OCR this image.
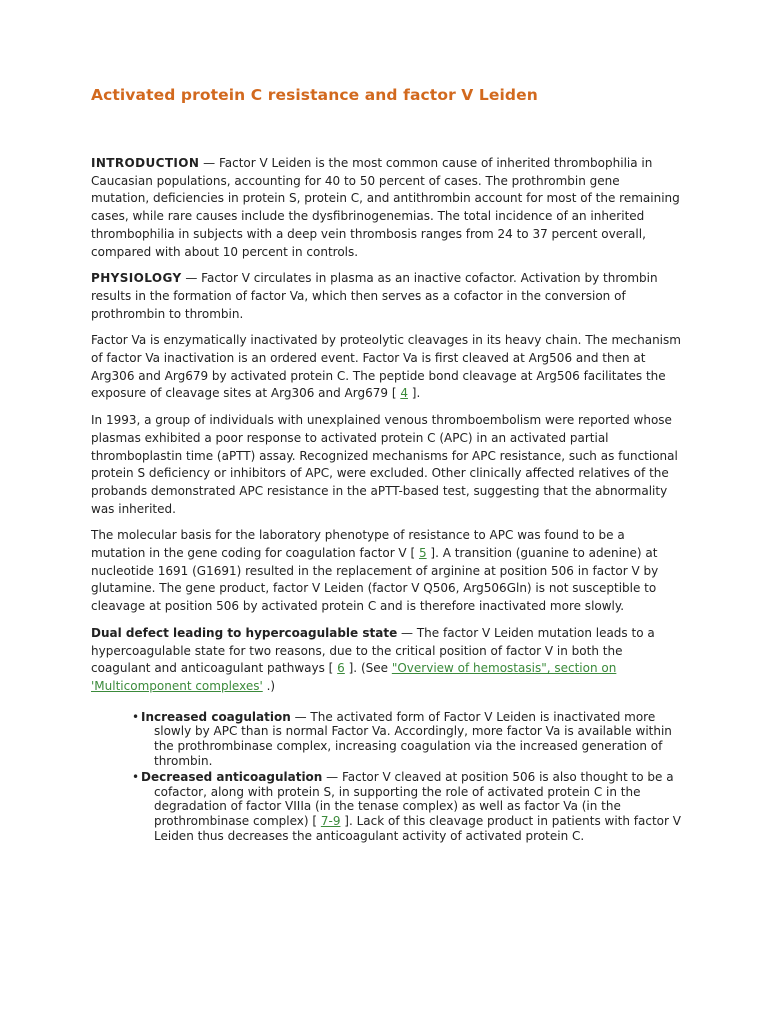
Activated protein C resistance and factor V Leiden

INTRODUCTION — Factor V Leiden is the most common cause of inherited thrombophilia in Caucasian populations, accounting for 40 to 50 percent of cases. The prothrombin gene mutation, deficiencies in protein S, protein C, and antithrombin account for most of the remaining cases, while rare causes include the dysfibrinogenemias. The total incidence of an inherited thrombophilia in subjects with a deep vein thrombosis ranges from 24 to 37 percent overall, compared with about 10 percent in controls.

PHYSIOLOGY — Factor V circulates in plasma as an inactive cofactor. Activation by thrombin results in the formation of factor Va, which then serves as a cofactor in the conversion of prothrombin to thrombin.

Factor Va is enzymatically inactivated by proteolytic cleavages in its heavy chain. The mechanism of factor Va inactivation is an ordered event. Factor Va is first cleaved at Arg506 and then at Arg306 and Arg679 by activated protein C. The peptide bond cleavage at Arg506 facilitates the exposure of cleavage sites at Arg306 and Arg679 [ 4 ].

In 1993, a group of individuals with unexplained venous thromboembolism were reported whose plasmas exhibited a poor response to activated protein C (APC) in an activated partial thromboplastin time (aPTT) assay. Recognized mechanisms for APC resistance, such as functional protein S deficiency or inhibitors of APC, were excluded. Other clinically affected relatives of the probands demonstrated APC resistance in the aPTT-based test, suggesting that the abnormality was inherited.

The molecular basis for the laboratory phenotype of resistance to APC was found to be a mutation in the gene coding for coagulation factor V [ 5 ]. A transition (guanine to adenine) at nucleotide 1691 (G1691) resulted in the replacement of arginine at position 506 in factor V by glutamine. The gene product, factor V Leiden (factor V Q506, Arg506Gln) is not susceptible to cleavage at position 506 by activated protein C and is therefore inactivated more slowly.

Dual defect leading to hypercoagulable state — The factor V Leiden mutation leads to a hypercoagulable state for two reasons, due to the critical position of factor V in both the coagulant and anticoagulant pathways [ 6 ]. (See "Overview of hemostasis", section on 'Multicomponent complexes' .)

• Increased coagulation — The activated form of Factor V Leiden is inactivated more slowly by APC than is normal Factor Va. Accordingly, more factor Va is available within the prothrombinase complex, increasing coagulation via the increased generation of thrombin.
• Decreased anticoagulation — Factor V cleaved at position 506 is also thought to be a cofactor, along with protein S, in supporting the role of activated protein C in the degradation of factor VIIIa (in the tenase complex) as well as factor Va (in the prothrombinase complex) [ 7-9 ]. Lack of this cleavage product in patients with factor V Leiden thus decreases the anticoagulant activity of activated protein C.
